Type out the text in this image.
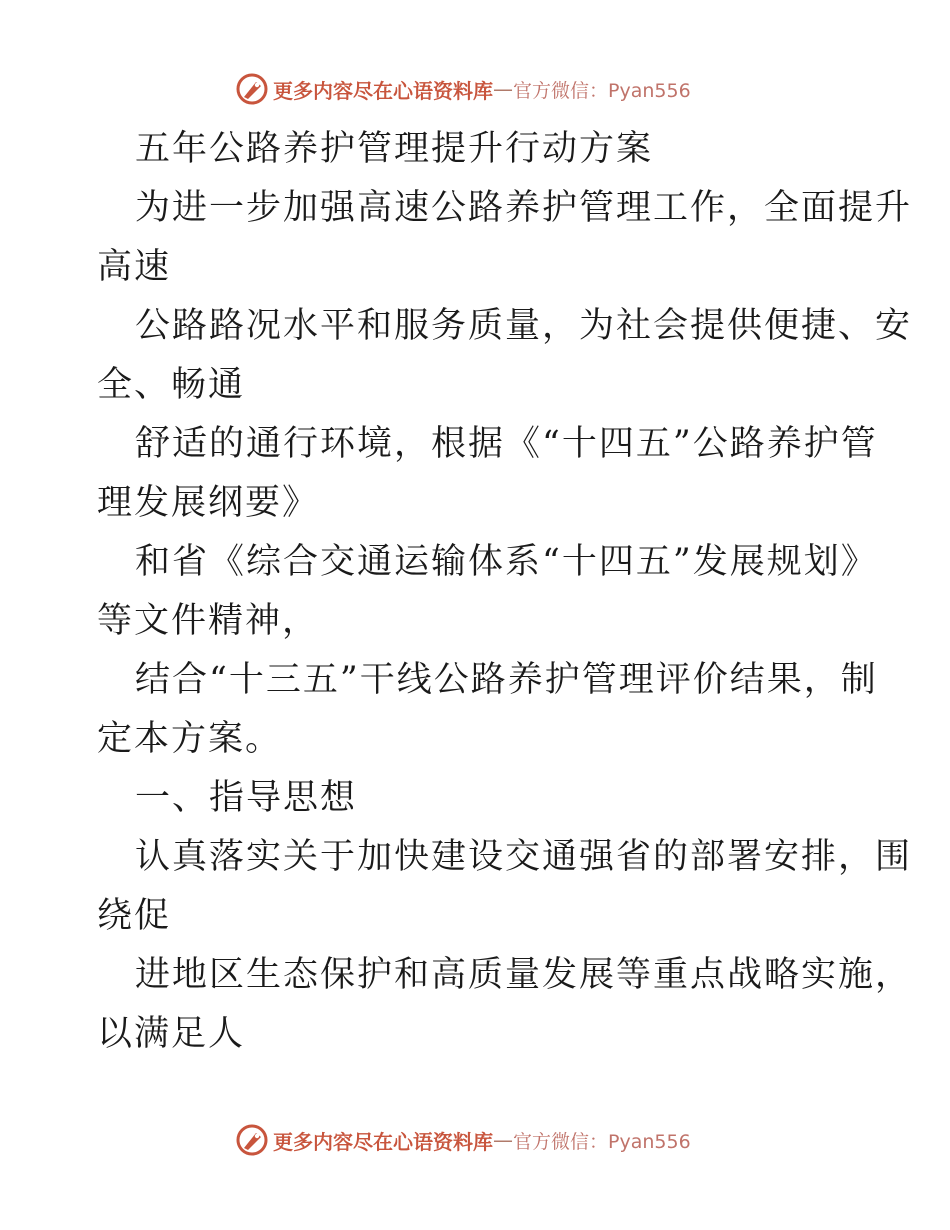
更多内容尽在心语资料库 — 官方微信：Pyan556
五年公路养护管理提升行动方案
为进一步加强高速公路养护管理工作，全面提升
高速
公路路况水平和服务质量，为社会提供便捷、安
全、畅通
舒适的通行环境，根据《“十四五”公路养护管
理发展纲要》
和省《综合交通运输体系“十四五”发展规划》
等文件精神，
结合“十三五”干线公路养护管理评价结果，制
定本方案。
一、指导思想
认真落实关于加快建设交通强省的部署安排，围
绕促
进地区生态保护和高质量发展等重点战略实施，
以满足人
更多内容尽在心语资料库 — 官方微信：Pyan556
